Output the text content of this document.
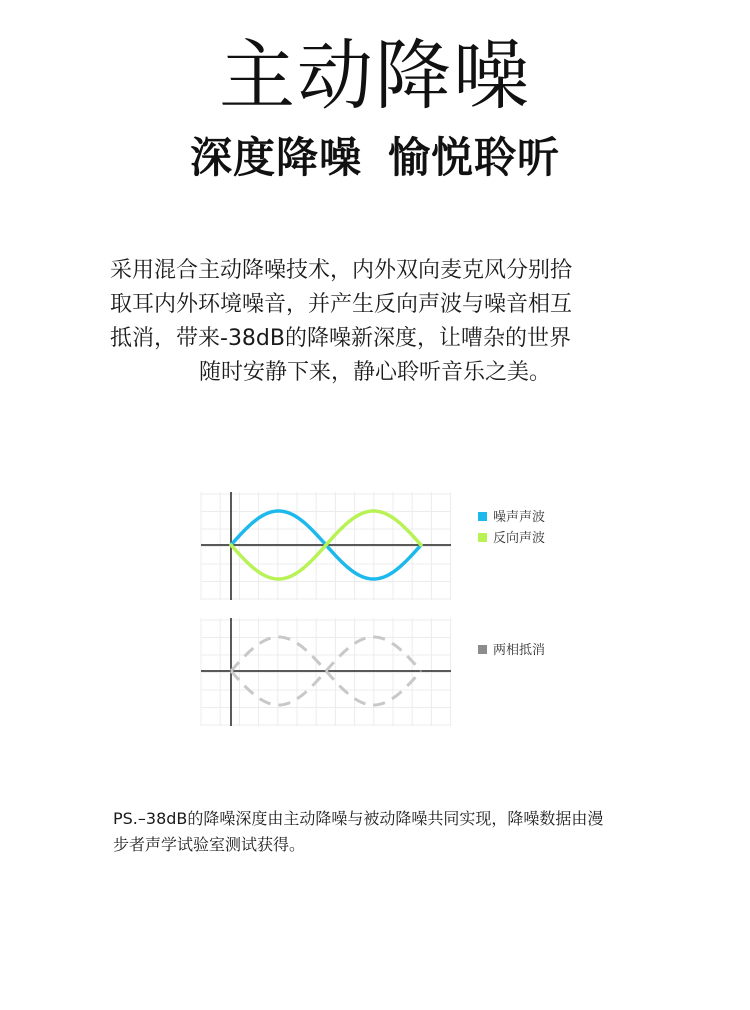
主动降噪
深度降噪 愉悦聆听

采用混合主动降噪技术，内外双向麦克风分别拾
取耳内外环境噪音，并产生反向声波与噪音相互
抵消，带来-38dB的降噪新深度，让嘈杂的世界
随时安静下来，静心聆听音乐之美。

噪声声波
反向声波
两相抵消

PS.–38dB的降噪深度由主动降噪与被动降噪共同实现，降噪数据由漫
步者声学试验室测试获得。
